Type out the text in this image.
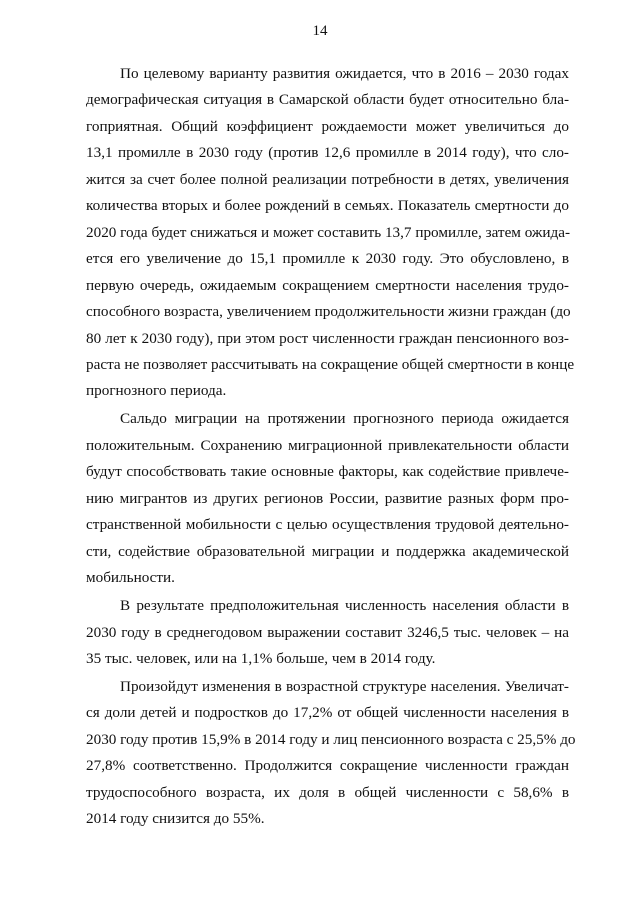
14
По целевому варианту развития ожидается, что в 2016 – 2030 годах
демографическая ситуация в Самарской области будет относительно бла-
гоприятная. Общий коэффициент рождаемости может увеличиться до
13,1 промилле в 2030 году (против 12,6 промилле в 2014 году), что сло-
жится за счет более полной реализации потребности в детях, увеличения
количества вторых и более рождений в семьях. Показатель смертности до
2020 года будет снижаться и может составить 13,7 промилле, затем ожида-
ется его увеличение до 15,1 промилле к 2030 году. Это обусловлено, в
первую очередь, ожидаемым сокращением смертности населения трудо-
способного возраста, увеличением продолжительности жизни граждан (до
80 лет к 2030 году), при этом рост численности граждан пенсионного воз-
раста не позволяет рассчитывать на сокращение общей смертности в конце
прогнозного периода.
Сальдо миграции на протяжении прогнозного периода ожидается
положительным. Сохранению миграционной привлекательности области
будут способствовать такие основные факторы, как содействие привлече-
нию мигрантов из других регионов России, развитие разных форм про-
странственной мобильности с целью осуществления трудовой деятельно-
сти, содействие образовательной миграции и поддержка академической
мобильности.
В результате предположительная численность населения области в
2030 году в среднегодовом выражении составит 3246,5 тыс. человек – на
35 тыс. человек, или на 1,1% больше, чем в 2014 году.
Произойдут изменения в возрастной структуре населения. Увеличат-
ся доли детей и подростков до 17,2% от общей численности населения в
2030 году против 15,9% в 2014 году и лиц пенсионного возраста с 25,5% до
27,8% соответственно. Продолжится сокращение численности граждан
трудоспособного возраста, их доля в общей численности с 58,6% в
2014 году снизится до 55%.
